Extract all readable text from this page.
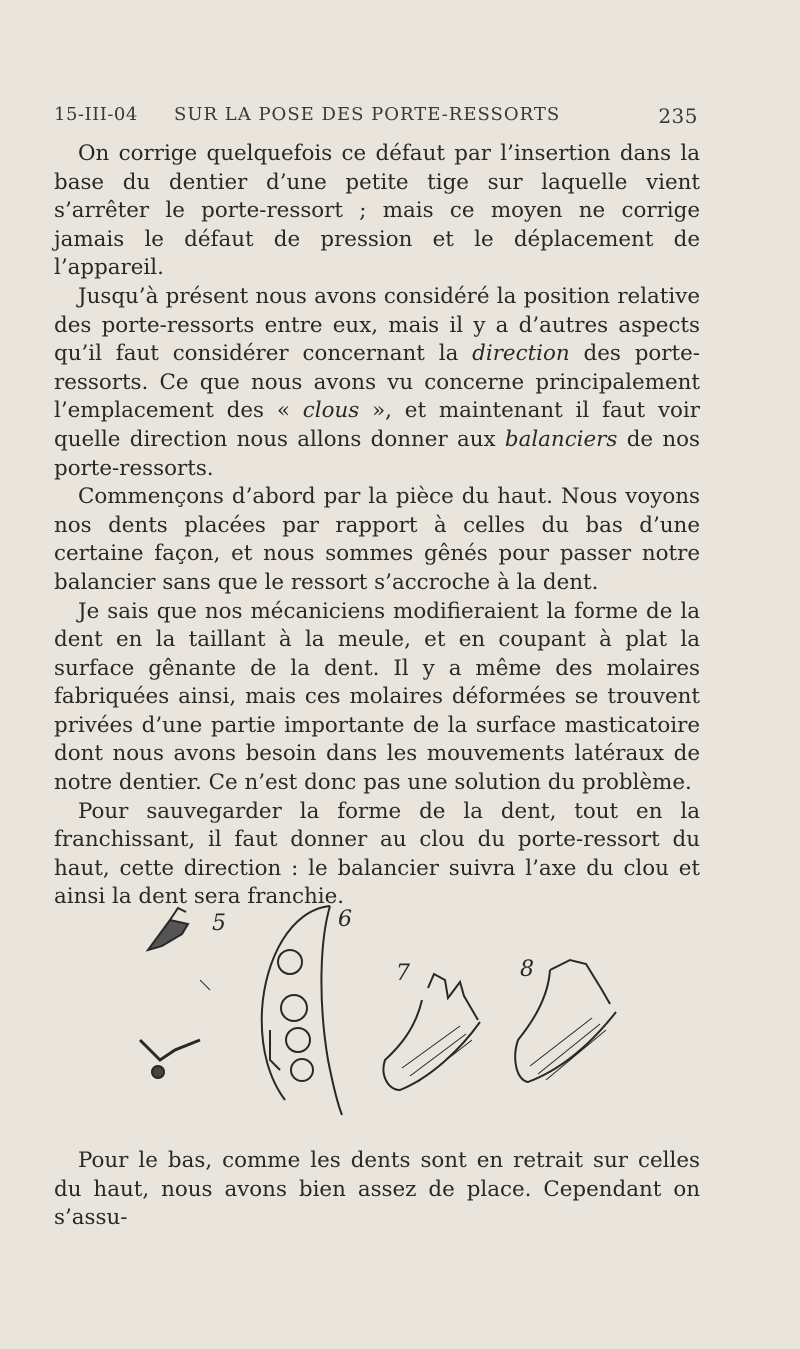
15-III-04 SUR LA POSE DES PORTE-RESSORTS	235

On corrige quelquefois ce défaut par l’insertion dans la base du dentier d’une petite tige sur laquelle vient s’arrêter le porte-ressort ; mais ce moyen ne corrige jamais le défaut de pression et le déplacement de l’appareil.

Jusqu’à présent nous avons considéré la position relative des porte-ressorts entre eux, mais il y a d’autres aspects qu’il faut considérer concernant la direction des porte-ressorts. Ce que nous avons vu concerne principalement l’emplacement des « clous », et maintenant il faut voir quelle direction nous allons donner aux balanciers de nos porte-ressorts.

Commençons d’abord par la pièce du haut. Nous voyons nos dents placées par rapport à celles du bas d’une certaine façon, et nous sommes gênés pour passer notre balancier sans que le ressort s’accroche à la dent.

Je sais que nos mécaniciens modifieraient la forme de la dent en la taillant à la meule, et en coupant à plat la surface gênante de la dent. Il y a même des molaires fabriquées ainsi, mais ces molaires déformées se trouvent privées d’une partie importante de la surface masticatoire dont nous avons besoin dans les mouvements latéraux de notre dentier. Ce n’est donc pas une solution du problème.

Pour sauvegarder la forme de la dent, tout en la franchissant, il faut donner au clou du porte-ressort du haut, cette direction : le balancier suivra l’axe du clou et ainsi la dent sera franchie.

5	6
7	8

Pour le bas, comme les dents sont en retrait sur celles du haut, nous avons bien assez de place. Cependant on s’assu-
